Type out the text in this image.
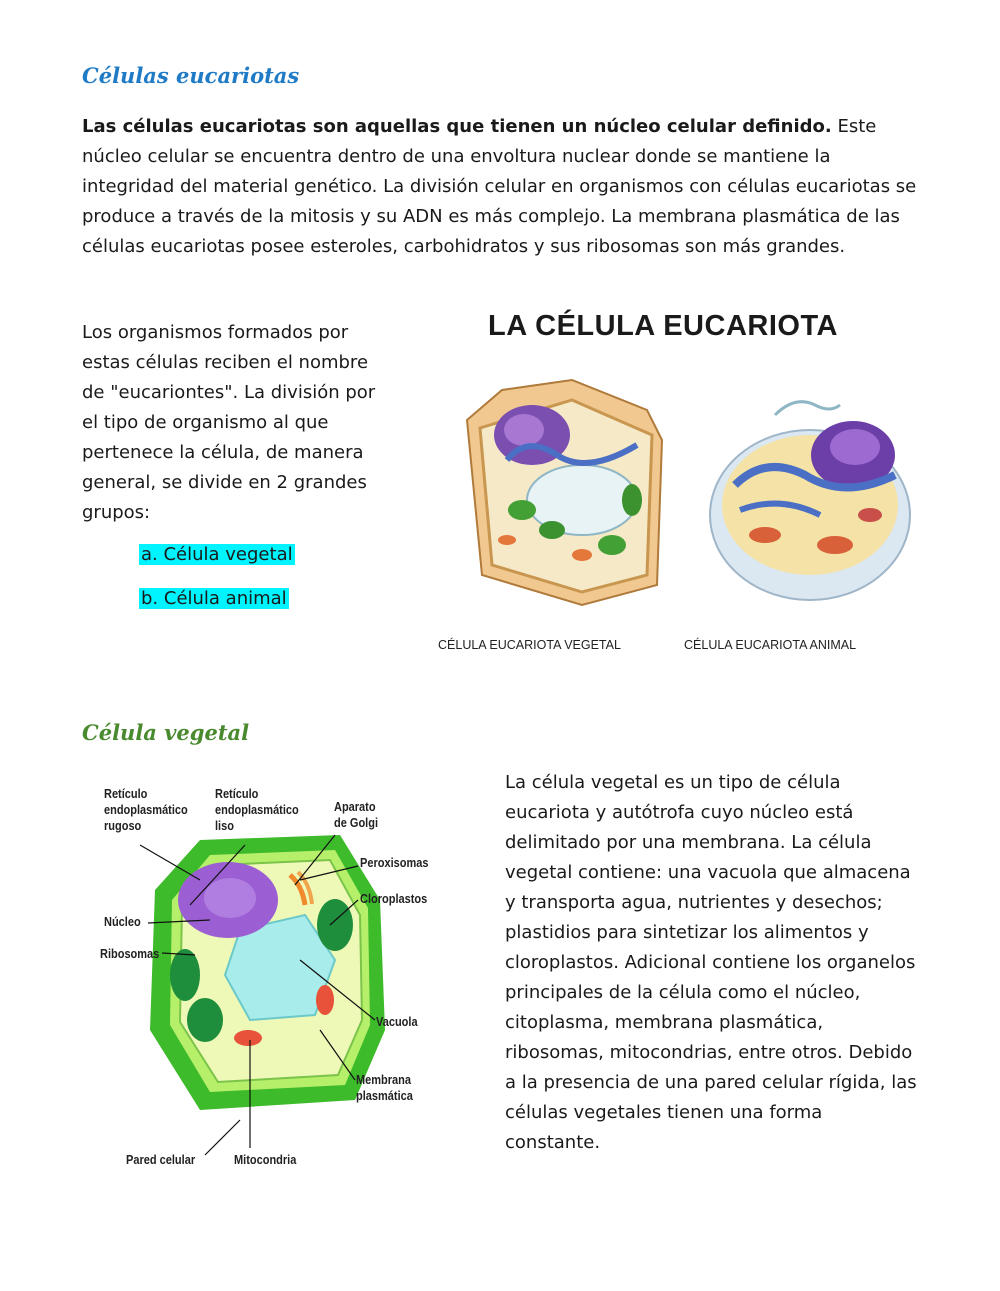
Células eucariotas

Las células eucariotas son aquellas que tienen un núcleo celular definido. Este núcleo celular se encuentra dentro de una envoltura nuclear donde se mantiene la integridad del material genético. La división celular en organismos con células eucariotas se produce a través de la mitosis y su ADN es más complejo. La membrana plasmática de las células eucariotas posee esteroles, carbohidratos y sus ribosomas son más grandes.

Los organismos formados por estas células reciben el nombre de "eucariontes". La división por el tipo de organismo al que pertenece la célula, de manera general, se divide en 2 grandes grupos:

a. Célula vegetal
b. Célula animal
LA CÉLULA EUCARIOTA
CÉLULA EUCARIOTA VEGETAL	CÉLULA EUCARIOTA ANIMAL
Célula vegetal
Retículo endoplasmático rugoso
Retículo endoplasmático liso
Aparato de Golgi
Peroxisomas
Cloroplastos
Núcleo
Ribosomas
Vacuola
Membrana plasmática
Pared celular	Mitocondria

La célula vegetal es un tipo de célula eucariota y autótrofa cuyo núcleo está delimitado por una membrana. La célula vegetal contiene: una vacuola que almacena y transporta agua, nutrientes y desechos; plastidios para sintetizar los alimentos y cloroplastos. Adicional contiene los organelos principales de la célula como el núcleo, citoplasma, membrana plasmática, ribosomas, mitocondrias, entre otros. Debido a la presencia de una pared celular rígida, las células vegetales tienen una forma constante.
